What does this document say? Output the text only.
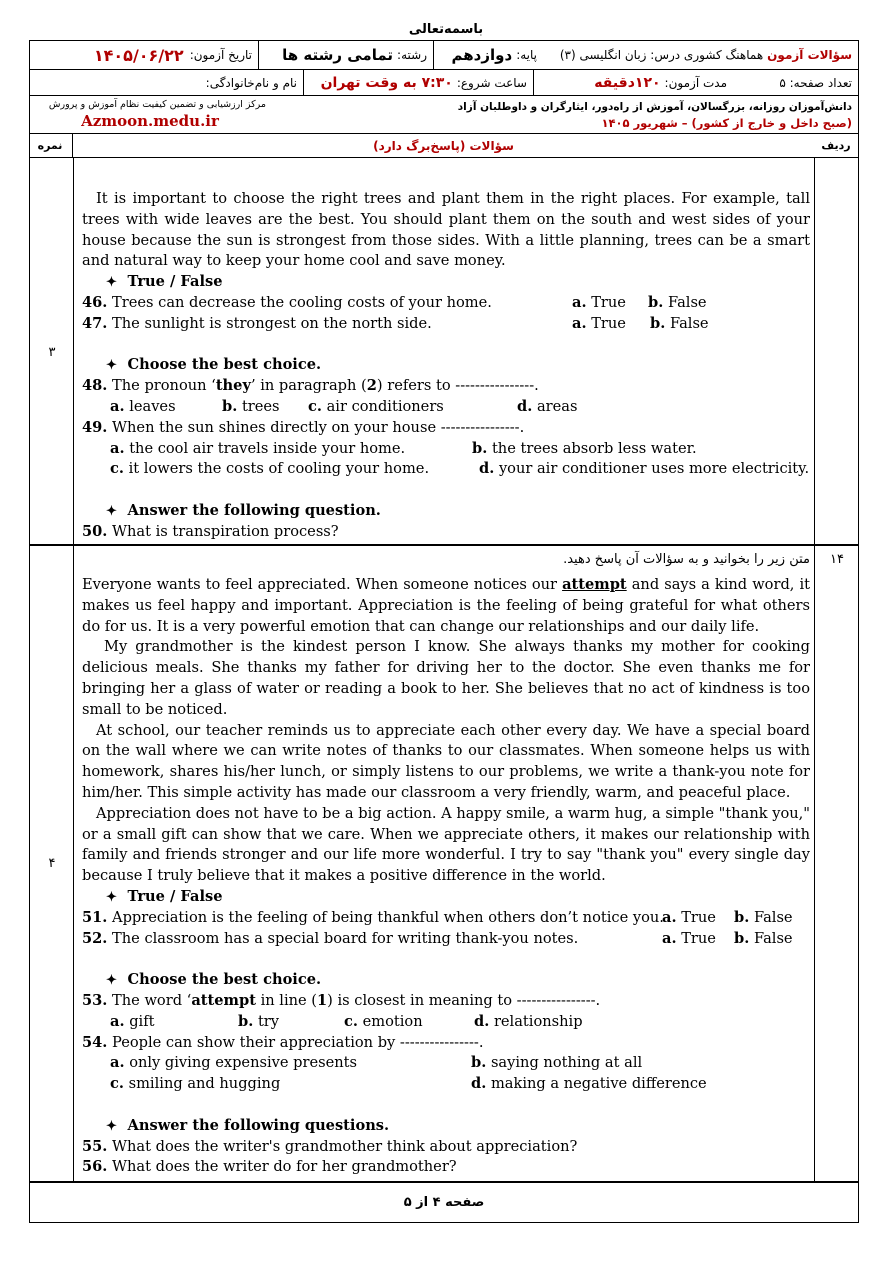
باسمه‌تعالی
سؤالات آزمون
هماهنگ کشوری درس: زبان انگلیسی (۳)
پایه:
دوازدهم
رشته:
تمامی رشته ها
تاریخ آزمون:
۱۴۰۵/۰۶/۲۲
تعداد صفحه: ۵
مدت آزمون:
۱۲۰دقیقه
ساعت شروع:
۷:۳۰ به وقت تهران
نام و نام‌خانوادگی:
دانش‌آموزان روزانه، بزرگسالان، آموزش از راه‌دور، ایثارگران و داوطلبان آزاد
(صبح داخل و خارج از کشور) – شهریور ۱۴۰۵
مرکز ارزشیابی و تضمین کیفیت نظام آموزش و پرورش
Azmoon.medu.ir
ردیف
سؤالات (پاسخ‌برگ دارد)
نمره
۳

It is important to choose the right trees and plant them in the right places. For example, tall trees with wide leaves are the best. You should plant them on the south and west sides of your house because the sun is strongest from those sides. With a little planning, trees can be a smart and natural way to keep your home cool and save money.

✦ True / False
46. Trees can decrease the cooling costs of your home.	a. True b. False
47. The sunlight is strongest on the north side.	a. True b. False
✦ Choose the best choice.
48. The pronoun ‘they’ in paragraph (2) refers to ----------------.
a. leaves	b. trees c. air conditioners	d. areas
49. When the sun shines directly on your house ----------------.
a. the cool air travels inside your home.	b. the trees absorb less water.
c. it lowers the costs of cooling your home.	d. your air conditioner uses more electricity.
✦ Answer the following question.
50. What is transpiration process?
۴
۱۴
متن زیر را بخوانید و به سؤالات آن پاسخ دهید.

Everyone wants to feel appreciated. When someone notices our attempt and says a kind word, it makes us feel happy and important. Appreciation is the feeling of being grateful for what others do for us. It is a very powerful emotion that can change our relationships and our daily life.

My grandmother is the kindest person I know. She always thanks my mother for cooking delicious meals. She thanks my father for driving her to the doctor. She even thanks me for bringing her a glass of water or reading a book to her. She believes that no act of kindness is too small to be noticed.

At school, our teacher reminds us to appreciate each other every day. We have a special board on the wall where we can write notes of thanks to our classmates. When someone helps us with homework, shares his/her lunch, or simply listens to our problems, we write a thank-you note for him/her. This simple activity has made our classroom a very friendly, warm, and peaceful place.

Appreciation does not have to be a big action. A happy smile, a warm hug, a simple "thank you," or a small gift can show that we care. When we appreciate others, it makes our relationship with family and friends stronger and our life more wonderful. I try to say "thank you" every single day because I truly believe that it makes a positive difference in the world.

✦ True / False
51. Appreciation is the feeling of being thankful when others don’t notice you.
a. True b. False
52. The classroom has a special board for writing thank-you notes.	a. True b. False
✦ Choose the best choice.
53. The word ‘attempt in line (1) is closest in meaning to ----------------.
a. gift	b. try	c. emotion	d. relationship
54. People can show their appreciation by ----------------.
a. only giving expensive presents	b. saying nothing at all
c. smiling and hugging	d. making a negative difference
✦ Answer the following questions.
55. What does the writer's grandmother think about appreciation?
56. What does the writer do for her grandmother?
صفحه ۴ از ۵
